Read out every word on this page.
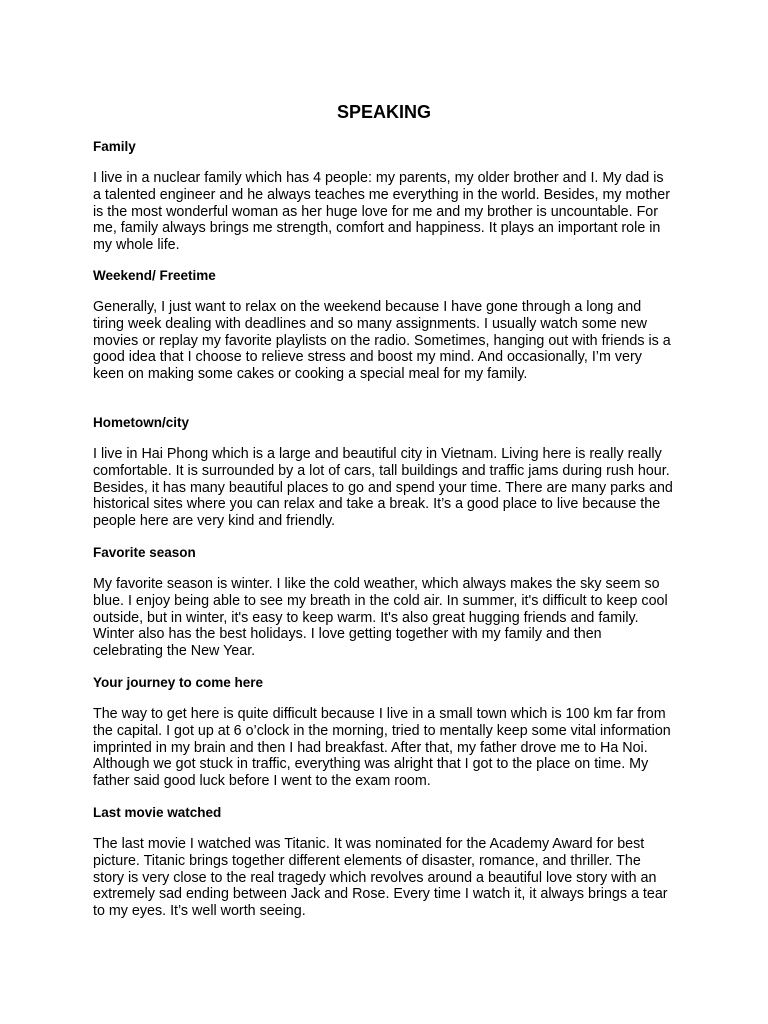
SPEAKING
Family

I live in a nuclear family which has 4 people: my parents, my older brother and I. My dad is a talented engineer and he always teaches me everything in the world. Besides, my mother is the most wonderful woman as her huge love for me and my brother is uncountable. For me, family always brings me strength, comfort and happiness. It plays an important role in my whole life.

Weekend/ Freetime

Generally, I just want to relax on the weekend because I have gone through a long and tiring week dealing with deadlines and so many assignments. I usually watch some new movies or replay my favorite playlists on the radio. Sometimes, hanging out with friends is a good idea that I choose to relieve stress and boost my mind. And occasionally, I’m very keen on making some cakes or cooking a special meal for my family.

Hometown/city

I live in Hai Phong which is a large and beautiful city in Vietnam. Living here is really really comfortable. It is surrounded by a lot of cars, tall buildings and traffic jams during rush hour. Besides, it has many beautiful places to go and spend your time. There are many parks and historical sites where you can relax and take a break. It’s a good place to live because the people here are very kind and friendly.

Favorite season

My favorite season is winter. I like the cold weather, which always makes the sky seem so blue. I enjoy being able to see my breath in the cold air. In summer, it's difficult to keep cool outside, but in winter, it's easy to keep warm. It's also great hugging friends and family. Winter also has the best holidays. I love getting together with my family and then celebrating the New Year.

Your journey to come here

The way to get here is quite difficult because I live in a small town which is 100 km far from the capital. I got up at 6 o’clock in the morning, tried to mentally keep some vital information imprinted in my brain and then I had breakfast. After that, my father drove me to Ha Noi. Although we got stuck in traffic, everything was alright that I got to the place on time. My father said good luck before I went to the exam room.

Last movie watched

The last movie I watched was Titanic. It was nominated for the Academy Award for best picture. Titanic brings together different elements of disaster, romance, and thriller. The story is very close to the real tragedy which revolves around a beautiful love story with an extremely sad ending between Jack and Rose. Every time I watch it, it always brings a tear to my eyes. It’s well worth seeing.
